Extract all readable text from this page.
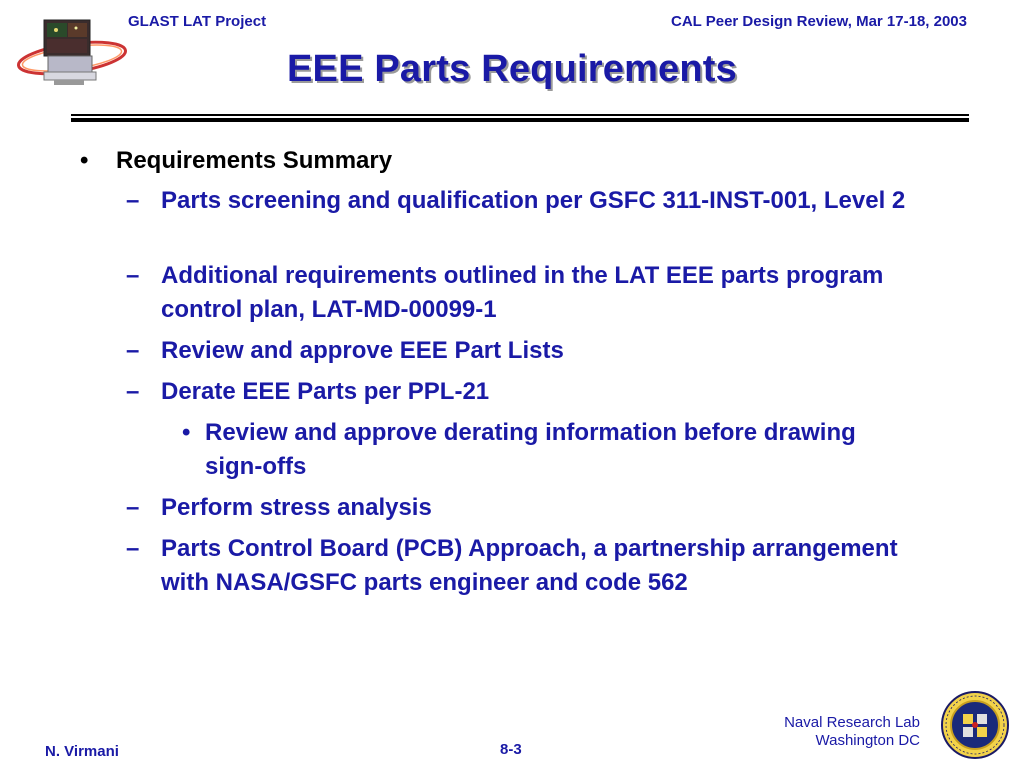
GLAST LAT Project	CAL Peer Design Review, Mar 17-18, 2003
EEE Parts Requirements
• Requirements Summary
– Parts screening and qualification per GSFC 311-INST-001, Level 2
– Additional requirements outlined in the LAT EEE parts program control plan, LAT-MD-00099-1
– Review and approve EEE Part Lists
– Derate EEE Parts per PPL-21
• Review and approve derating information before drawing sign-offs
– Perform stress analysis
– Parts Control Board (PCB) Approach, a partnership arrangement with NASA/GSFC parts engineer and code 562
Naval Research Lab
Washington DC
N. Virmani	8-3
